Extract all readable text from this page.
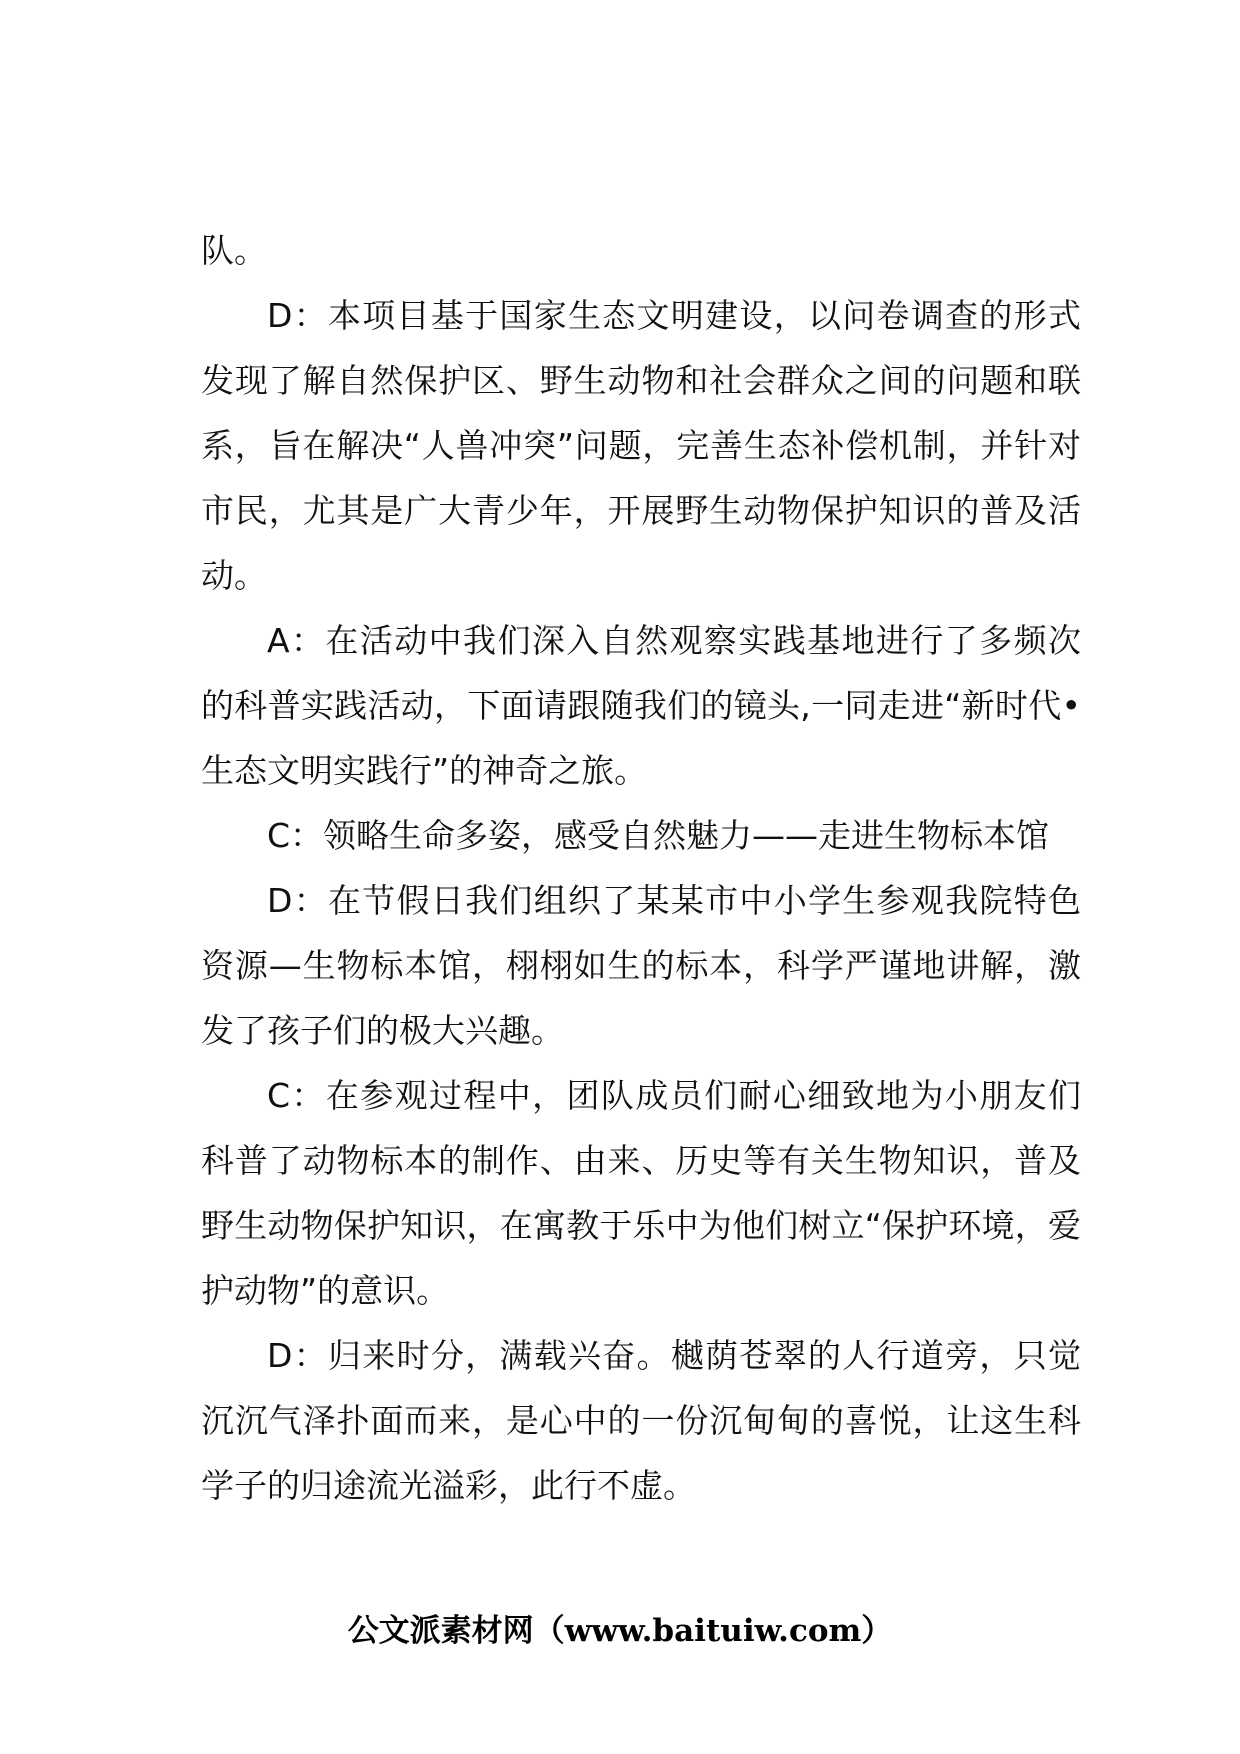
队。

D：本项目基于国家生态文明建设，以问卷调查的形式发现了解自然保护区、野生动物和社会群众之间的问题和联系，旨在解决“人兽冲突”问题，完善生态补偿机制，并针对市民，尤其是广大青少年，开展野生动物保护知识的普及活动。

A：在活动中我们深入自然观察实践基地进行了多频次的科普实践活动，下面请跟随我们的镜头,一同走进“新时代•生态文明实践行”的神奇之旅。

C：领略生命多姿，感受自然魅力——走进生物标本馆

D：在节假日我们组织了某某市中小学生参观我院特色资源—生物标本馆，栩栩如生的标本，科学严谨地讲解，激发了孩子们的极大兴趣。

C：在参观过程中，团队成员们耐心细致地为小朋友们科普了动物标本的制作、由来、历史等有关生物知识，普及野生动物保护知识，在寓教于乐中为他们树立“保护环境，爱护动物”的意识。

D：归来时分，满载兴奋。樾荫苍翠的人行道旁，只觉沉沉气泽扑面而来，是心中的一份沉甸甸的喜悦，让这生科学子的归途流光溢彩，此行不虚。

公文派素材网（www.baituiw.com）
